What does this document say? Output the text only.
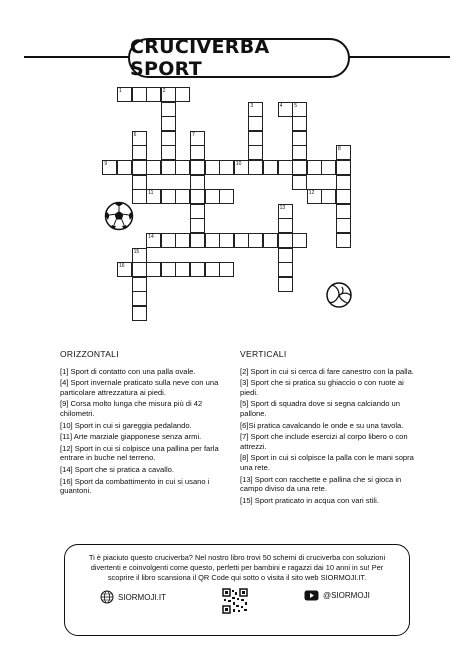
CRUCIVERBA SPORT
1	2
4 5
9	10
11	12
14
16
3
6	7
8
13
15
ORIZZONTALI
[1] Sport di contatto con una palla ovale.
[4] Sport invernale praticato sulla neve con una particolare attrezzatura ai piedi.
[9] Corsa molto lunga che misura più di 42 chilometri.
[10] Sport in cui si gareggia pedalando.
[11] Arte marziale giapponese senza armi.
[12] Sport in cui si colpisce una pallina per farla entrare in buche nel terreno.
[14] Sport che si pratica a cavallo.
[16] Sport da combattimento in cui si usano i guantoni.
VERTICALI
[2] Sport in cui si cerca di fare canestro con la palla.
[3] Sport che si pratica su ghiaccio o con ruote ai piedi.
[5] Sport di squadra dove si segna calciando un pallone.
[6]Si pratica cavalcando le onde e su una tavola.
[7] Sport che include esercizi al corpo libero o con attrezzi.
[8] Sport in cui si colpisce la palla con le mani sopra una rete.
[13] Sport con racchette e pallina che si gioca in campo diviso da una rete.
[15] Sport praticato in acqua con vari stili.
Ti è piaciuto questo cruciverba? Nel nostro libro trovi 50 schemi di cruciverba con soluzioni divertenti e coinvolgenti come questo, perfetti per bambini e ragazzi dai 10 anni in su! Per scoprire il libro scansiona il QR Code qui sotto o visita il sito web SIORMOJI.IT.
SIORMOJI.IT	@SIORMOJI
